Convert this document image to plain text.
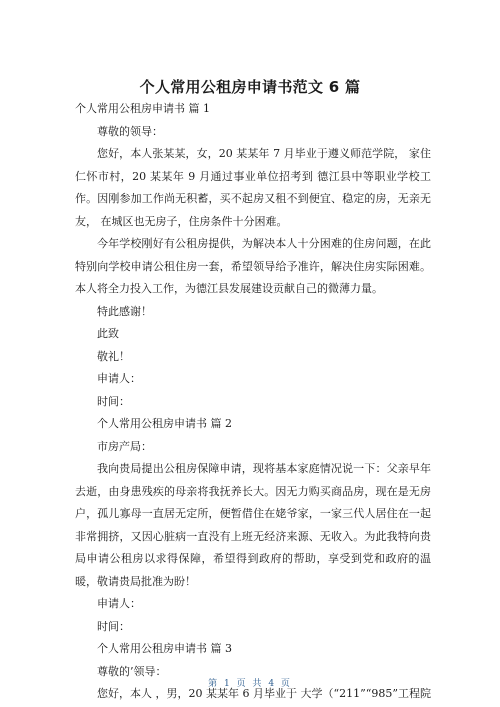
个人常用公租房申请书范文 6 篇

个人常用公租房申请书 篇 1

尊敬的领导：

您好，本人张某某，女，20 某某年 7 月毕业于遵义师范学院， 家住仁怀市村，20 某某年 9 月通过事业单位招考到 德江县中等职业学校工作。因刚参加工作尚无积蓄，买不起房又租不到便宜、稳定的房，无亲无友， 在城区也无房子，住房条件十分困难。

今年学校刚好有公租房提供，为解决本人十分困难的住房问题，在此特别向学校申请公租住房一套，希望领导给予准许，解决住房实际困难。本人将全力投入工作，为德江县发展建设贡献自己的微薄力量。

特此感谢！

此致

敬礼！

申请人：

时间：

个人常用公租房申请书 篇 2

市房产局：

我向贵局提出公租房保障申请，现将基本家庭情况说一下：父亲早年去逝，由身患残疾的母亲将我抚养长大。因无力购买商品房，现在是无房户，孤儿寡母一直居无定所，便暂借住在姥爷家，一家三代人居住在一起非常拥挤，又因心脏病一直没有上班无经济来源、无收入。为此我特向贵局申请公租房以求得保障，希望得到政府的帮助，享受到党和政府的温暖，敬请贵局批准为盼！

申请人：

时间：

个人常用公租房申请书 篇 3

尊敬的’领导：

您好，本人 ，男，20 某某年 6 月毕业于 大学（“211”“985”工程院

第 1 页 共 4 页
